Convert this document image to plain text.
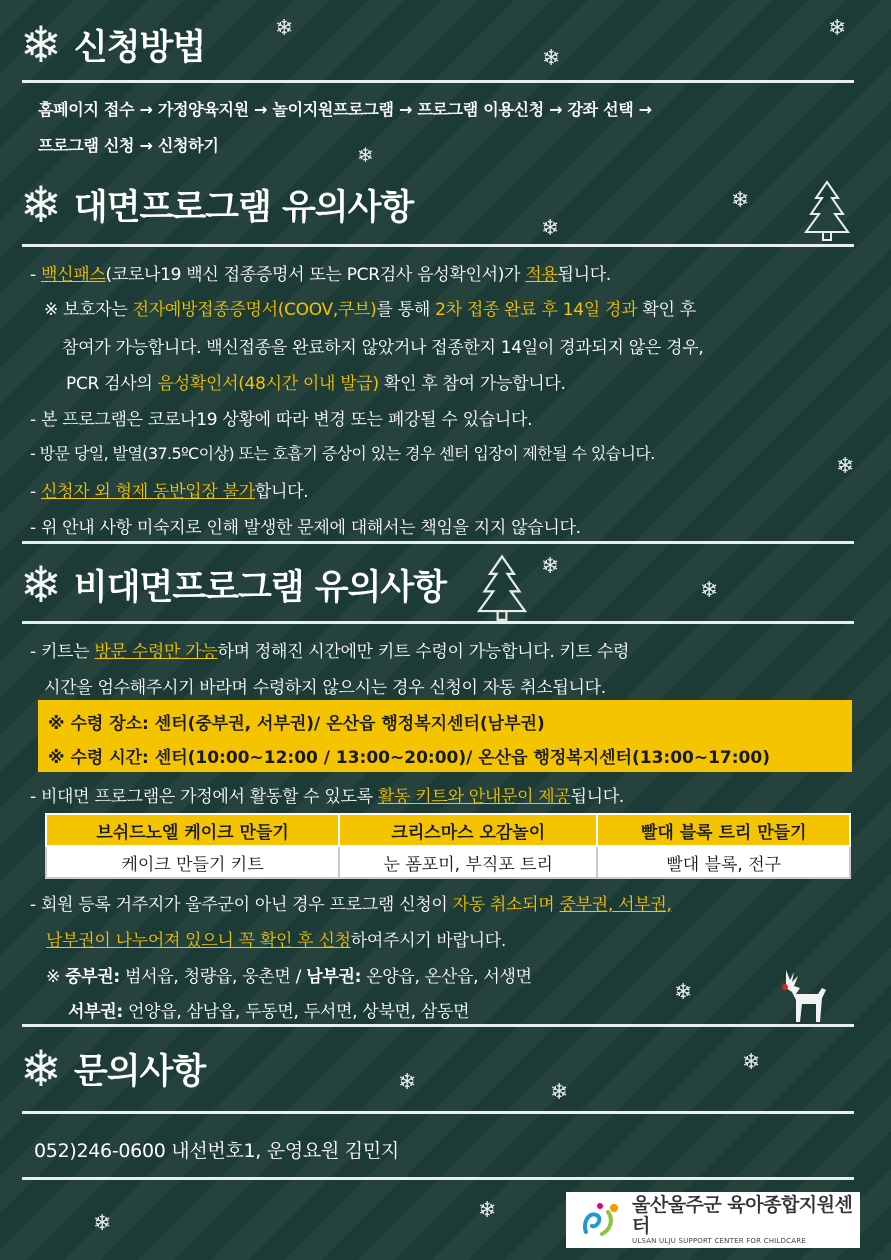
❄	❄
❄
❄
❄
❄
❄
❄
❄
❄
❄
❄	❄
❄
❄
❄ 신청방법
홈페이지 접수 → 가정양육지원 → 놀이지원프로그램 → 프로그램 이용신청 → 강좌 선택 →
프로그램 신청 → 신청하기
❄ 대면프로그램 유의사항
- 백신패스(코로나19 백신 접종증명서 또는 PCR검사 음성확인서)가 적용됩니다.
※ 보호자는 전자예방접종증명서(COOV,쿠브)를 통해 2차 접종 완료 후 14일 경과 확인 후
참여가 가능합니다. 백신접종을 완료하지 않았거나 접종한지 14일이 경과되지 않은 경우,
PCR 검사의 음성확인서(48시간 이내 발급) 확인 후 참여 가능합니다.
- 본 프로그램은 코로나19 상황에 따라 변경 또는 폐강될 수 있습니다.
- 방문 당일, 발열(37.5ºC이상) 또는 호흡기 증상이 있는 경우 센터 입장이 제한될 수 있습니다.
- 신청자 외 형제 동반입장 불가합니다.
- 위 안내 사항 미숙지로 인해 발생한 문제에 대해서는 책임을 지지 않습니다.
❄ 비대면프로그램 유의사항
- 키트는 방문 수령만 가능하며 정해진 시간에만 키트 수령이 가능합니다. 키트 수령
시간을 엄수해주시기 바라며 수령하지 않으시는 경우 신청이 자동 취소됩니다.
※ 수령 장소: 센터(중부권, 서부권)/ 온산읍 행정복지센터(남부권)
※ 수령 시간: 센터(10:00~12:00 / 13:00~20:00)/ 온산읍 행정복지센터(13:00~17:00)
- 비대면 프로그램은 가정에서 활동할 수 있도록 활동 키트와 안내문이 제공됩니다.
브쉬드노엘 케이크 만들기	크리스마스 오감놀이	빨대 블록 트리 만들기
케이크 만들기 키트	눈 폼포미, 부직포 트리	빨대 블록, 전구
- 회원 등록 거주지가 울주군이 아닌 경우 프로그램 신청이 자동 취소되며 중부권, 서부권,
남부권이 나누어져 있으니 꼭 확인 후 신청하여주시기 바랍니다.
※ 중부권: 범서읍, 청량읍, 웅촌면 / 남부권: 온양읍, 온산읍, 서생면
서부권: 언양읍, 삼남읍, 두동면, 두서면, 상북면, 삼동면
❄ 문의사항
052)246-0600 내선번호1, 운영요원 김민지
울산울주군 육아종합지원센터
ULSAN ULJU SUPPORT CENTER FOR CHILDCARE
